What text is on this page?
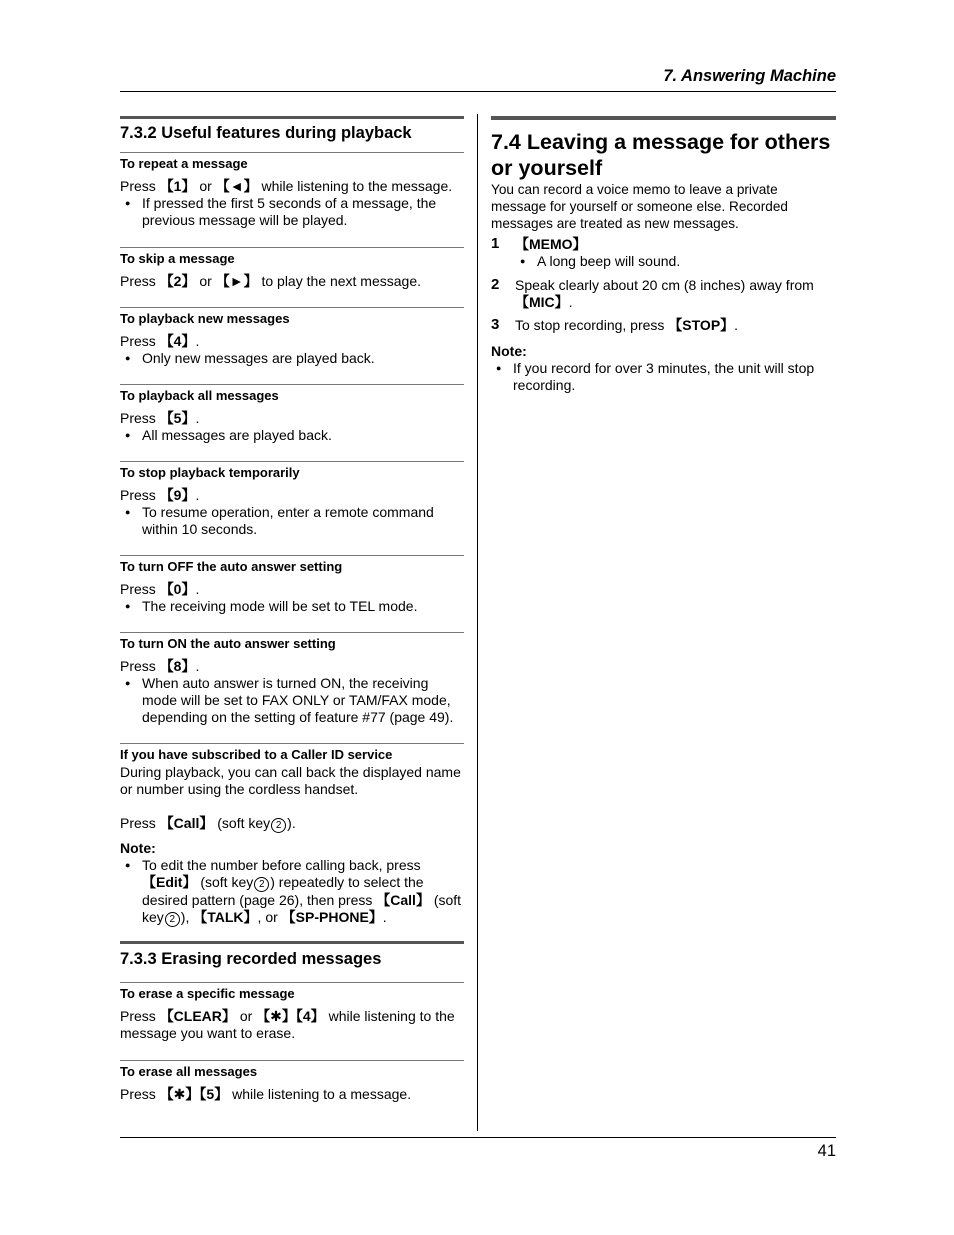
7. Answering Machine
7.3.2 Useful features during playback
To repeat a message
Press 【1】 or 【◄】 while listening to the message.
● If pressed the first 5 seconds of a message, the previous message will be played.
To skip a message
Press 【2】 or 【►】 to play the next message.
To playback new messages
Press 【4】.
● Only new messages are played back.
To playback all messages
Press 【5】.
● All messages are played back.
To stop playback temporarily
Press 【9】.
● To resume operation, enter a remote command within 10 seconds.
To turn OFF the auto answer setting
Press 【0】.
● The receiving mode will be set to TEL mode.
To turn ON the auto answer setting
Press 【8】.
● When auto answer is turned ON, the receiving mode will be set to FAX ONLY or TAM/FAX mode, depending on the setting of feature #77 (page 49).
If you have subscribed to a Caller ID service
During playback, you can call back the displayed name or number using the cordless handset.
Press 【Call】 (soft key 2 ).
Note:
● To edit the number before calling back, press 【Edit】 (soft key 2 ) repeatedly to select the desired pattern (page 26), then press 【Call】 (soft key 2 ), 【TALK】, or 【SP-PHONE】.
7.3.3 Erasing recorded messages
To erase a specific message
Press 【CLEAR】 or 【✱】【4】 while listening to the message you want to erase.
To erase all messages
Press 【✱】【5】 while listening to a message.
7.4 Leaving a message for others
or yourself
You can record a voice memo to leave a private message for yourself or someone else. Recorded messages are treated as new messages.
1 【MEMO】
● A long beep will sound.
2 Speak clearly about 20 cm (8 inches) away from 【MIC】.
3 To stop recording, press 【STOP】.
Note:
● If you record for over 3 minutes, the unit will stop recording.
41
